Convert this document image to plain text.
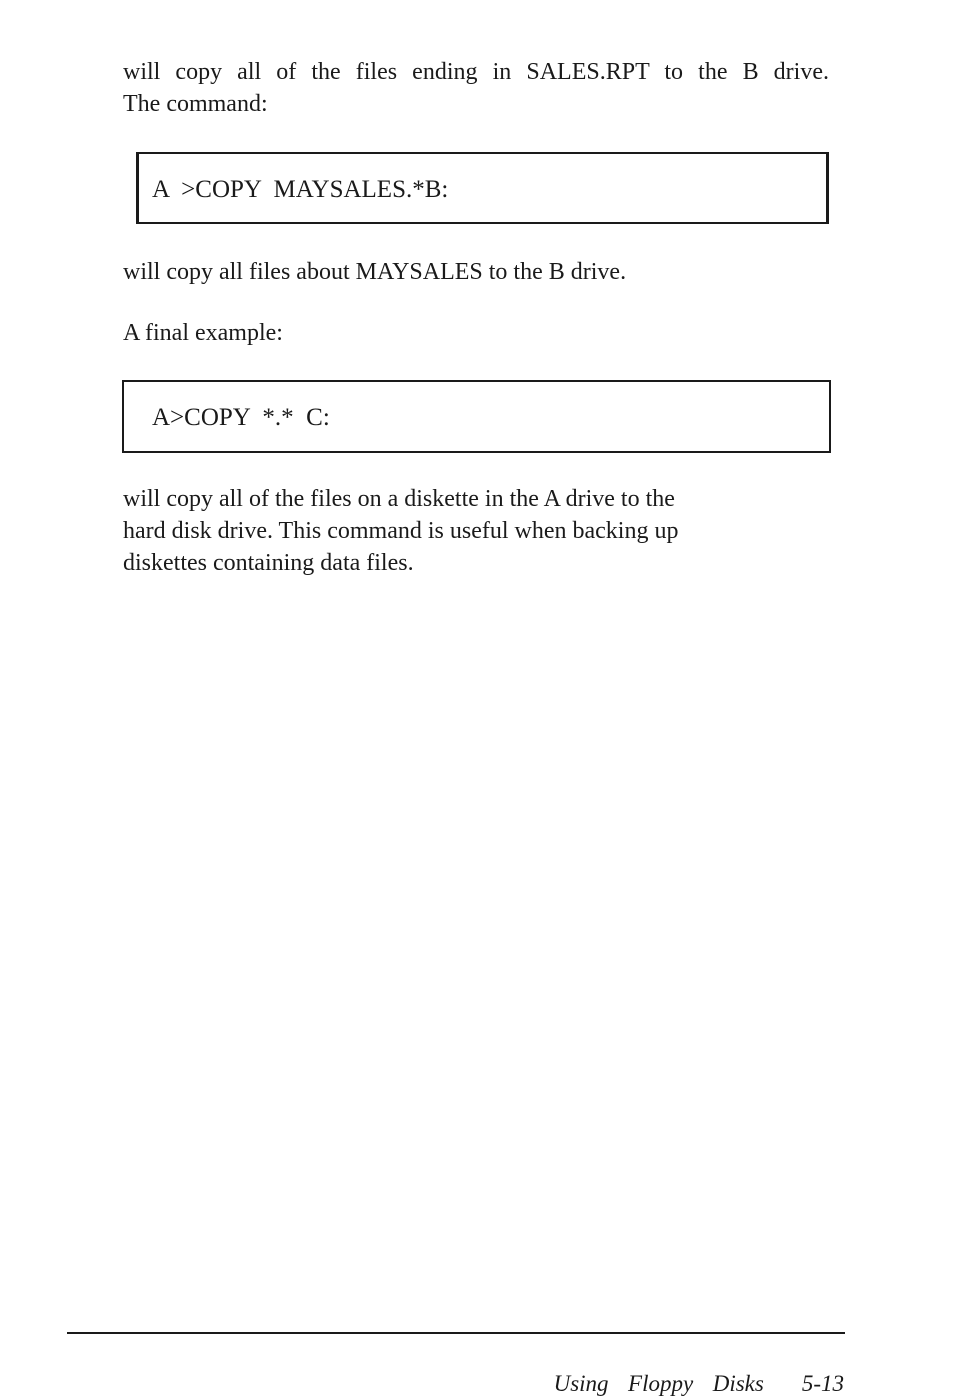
will copy all of the files ending in SALES.RPT to the B drive.
The command:

A  >COPY  MAYSALES.*B:

will copy all files about MAYSALES to the B drive.

A final example:

A>COPY  *.*  C:

will copy all of the files on a diskette in the A drive to the
hard disk drive. This command is useful when backing up
diskettes containing data files.

Using  Floppy  Disks 5-13
